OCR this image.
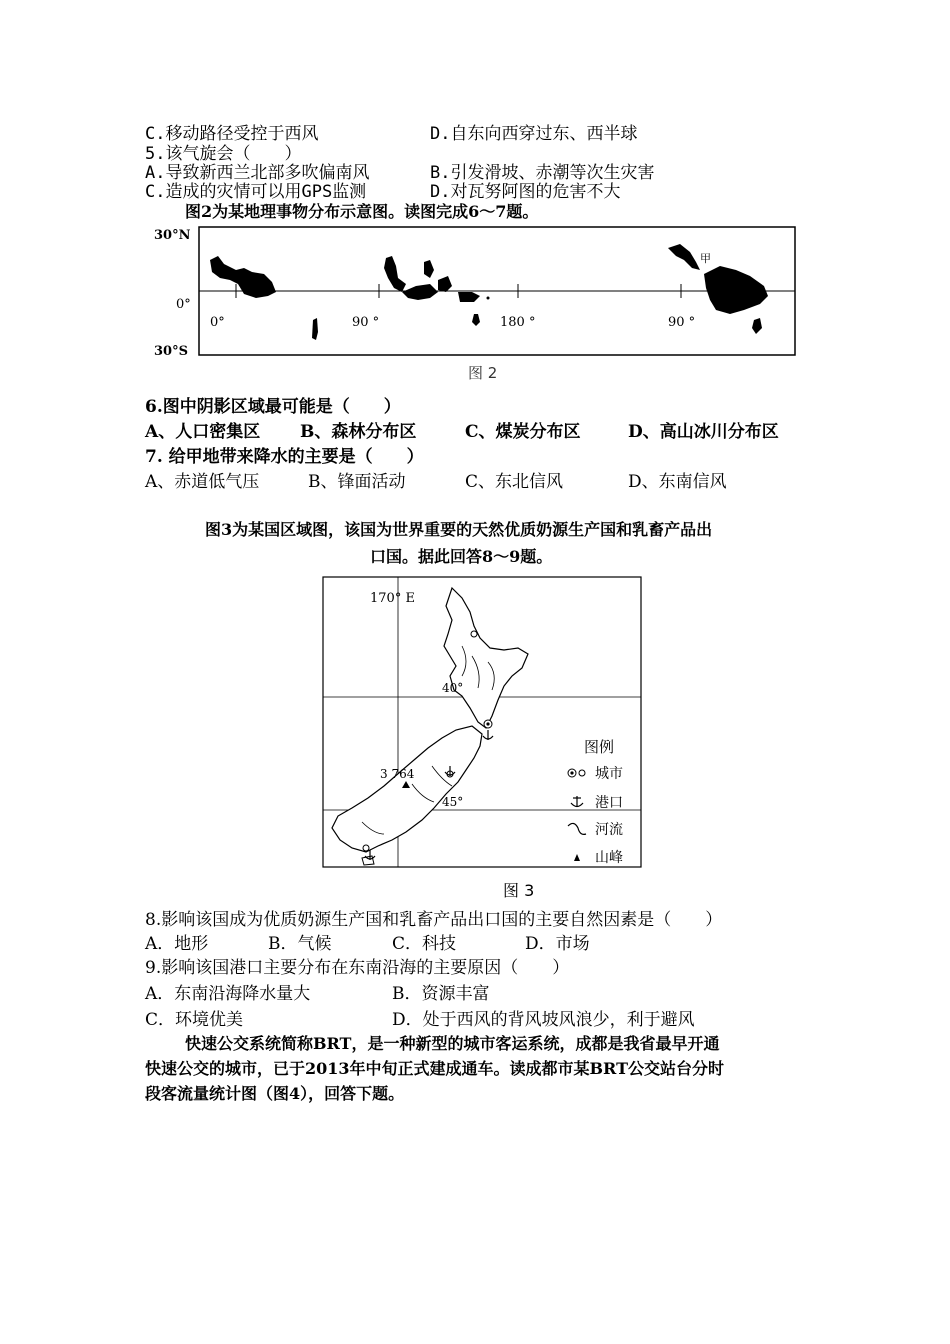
C.移动路径受控于西风	D.自东向西穿过东、西半球
5.该气旋会（　　）
A.导致新西兰北部多吹偏南风	B.引发滑坡、赤潮等次生灾害
C.造成的灾情可以用GPS监测	D.对瓦努阿图的危害不大
图2为某地理事物分布示意图。读图完成6～7题。
30°N
0°
30°S
0°	90 °	180 °	90 °
甲
图 2
6.图中阴影区域最可能是（　　）
A、人口密集区 B、森林分布区	C、煤炭分布区	D、高山冰川分布区
7. 给甲地带来降水的主要是（　　）
A、赤道低气压	B、锋面活动	C、东北信风	D、东南信风
图3为某国区域图，该国为世界重要的天然优质奶源生产国和乳畜产品出
口国。据此回答8～9题。
3 764
170° E
40°
45°
图例
城市
港口
河流
山峰
图 3
8.影响该国成为优质奶源生产国和乳畜产品出口国的主要自然因素是（　　）
A．地形	B．气候	C．科技	D．市场
9.影响该国港口主要分布在东南沿海的主要原因（　　）
A．东南沿海降水量大	B．资源丰富
C．环境优美	D．处于西风的背风坡风浪少，利于避风
快速公交系统简称BRT，是一种新型的城市客运系统，成都是我省最早开通
快速公交的城市，已于2013年中旬正式建成通车。读成都市某BRT公交站台分时
段客流量统计图（图4），回答下题。
